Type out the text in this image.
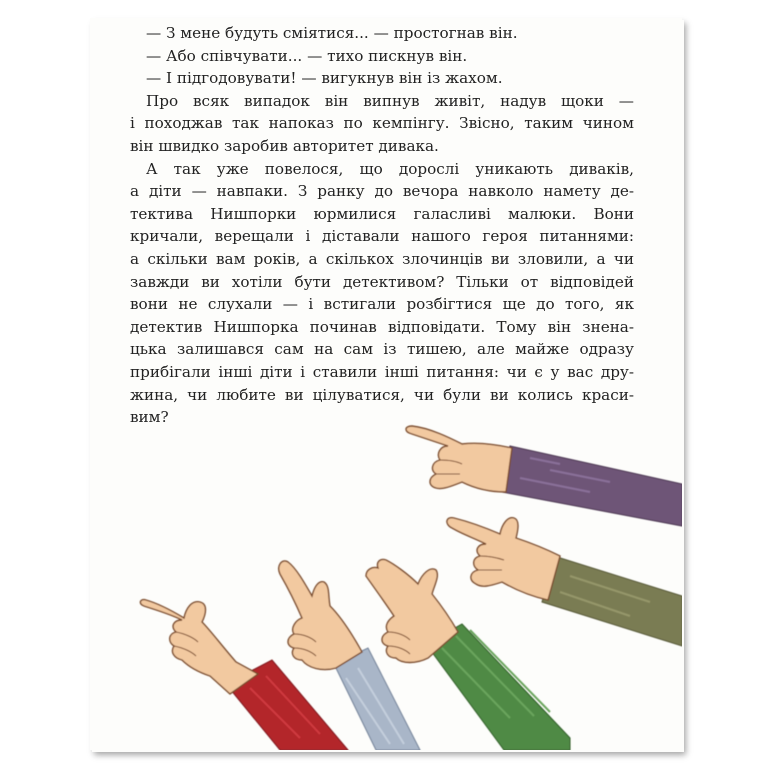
— З мене будуть сміятися... — простогнав він.
— Або співчувати... — тихо пискнув він.
— І підгодовувати! — вигукнув він із жахом.
Про всяк випадок він випнув живіт, надув щоки —
і походжав так напоказ по кемпінгу. Звісно, таким чином
він швидко заробив авторитет дивака.
А так уже повелося, що дорослі уникають диваків,
а діти — навпаки. З ранку до вечора навколо намету де-
тектива Нишпорки юрмилися галасливі малюки. Вони
кричали, верещали і діставали нашого героя питаннями:
а скільки вам років, а скількох злочинців ви зловили, а чи
завжди ви хотіли бути детективом? Тільки от відповідей
вони не слухали — і встигали розбігтися ще до того, як
детектив Нишпорка починав відповідати. Тому він знена-
цька залишався сам на сам із тишею, але майже одразу
прибігали інші діти і ставили інші питання: чи є у вас дру-
жина, чи любите ви цілуватися, чи були ви колись краси-
вим?
